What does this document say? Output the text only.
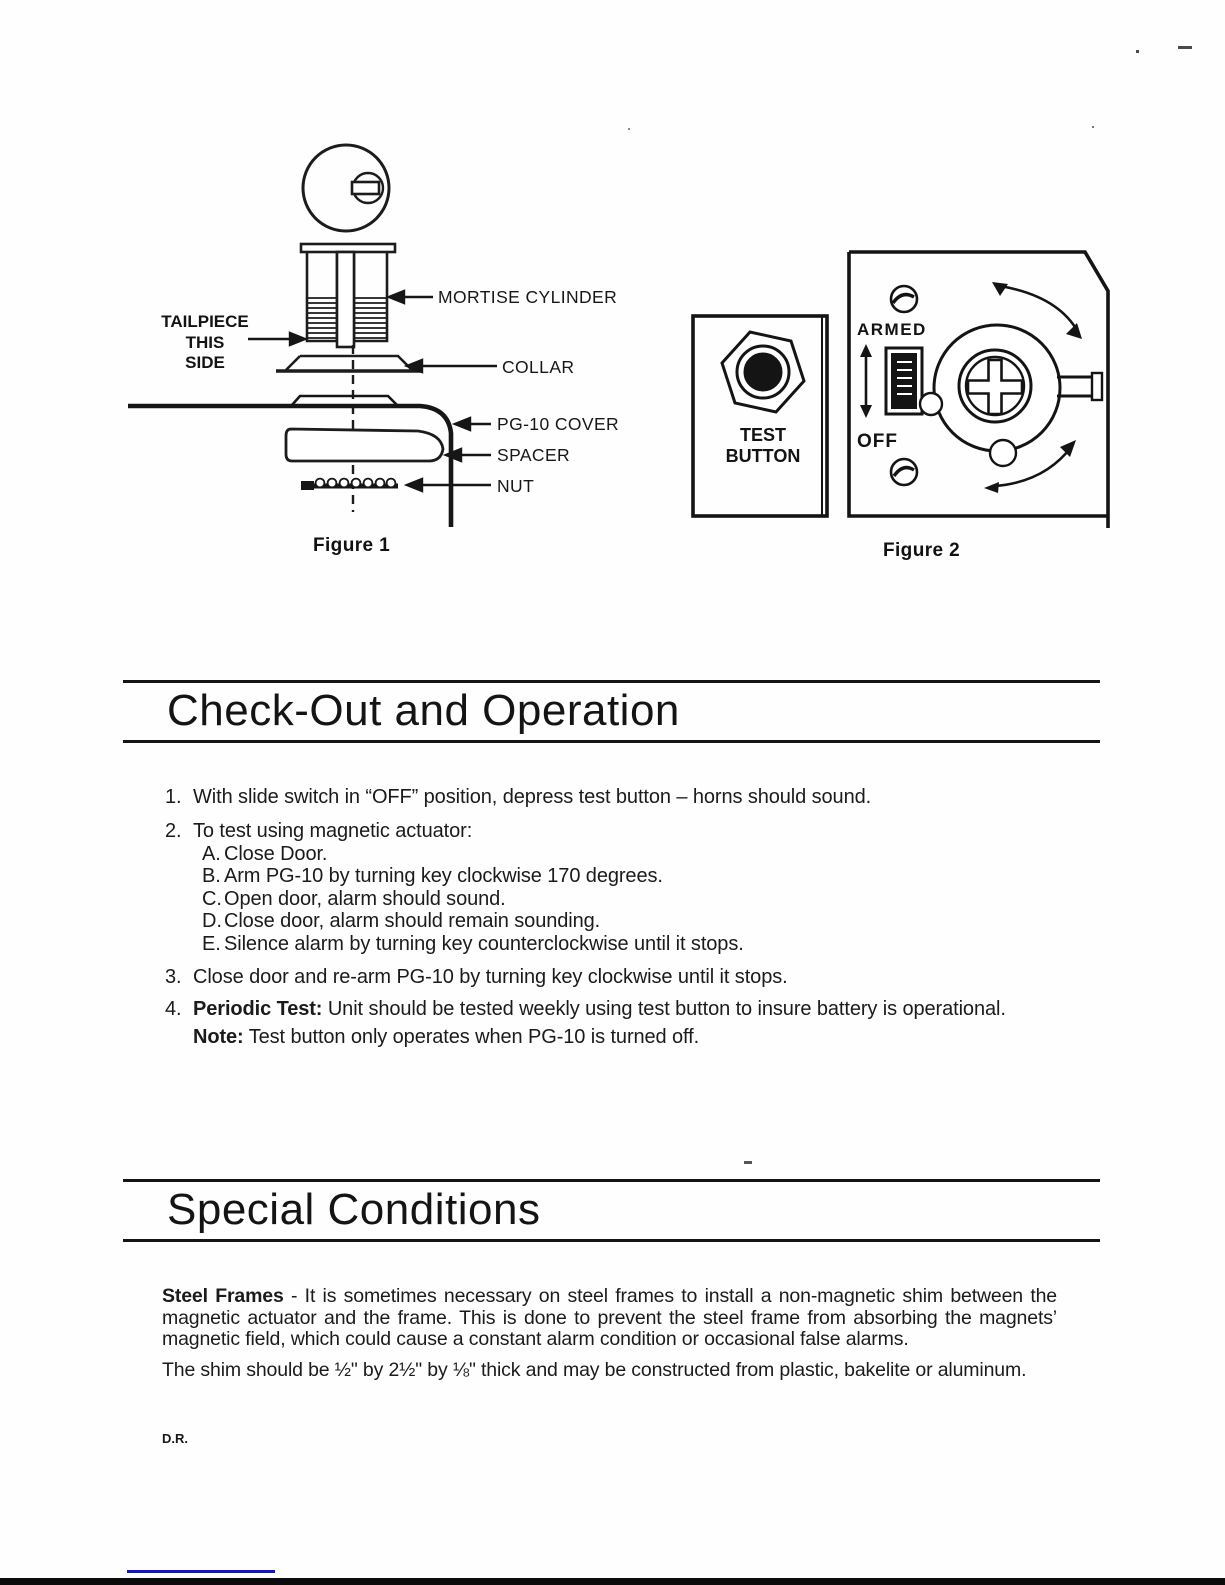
TAILPIECE
THIS
SIDE
MORTISE CYLINDER
COLLAR
PG-10 COVER
SPACER
NUT
Figure 1
ARMED
OFF
TEST
BUTTON
Figure 2
Check-Out and Operation
1. With slide switch in “OFF” position, depress test button – horns should sound.
2. To test using magnetic actuator:
A. Close Door.
B. Arm PG-10 by turning key clockwise 170 degrees.
C. Open door, alarm should sound.
D. Close door, alarm should remain sounding.
E. Silence alarm by turning key counterclockwise until it stops.
3. Close door and re-arm PG-10 by turning key clockwise until it stops.
4. Periodic Test: Unit should be tested weekly using test button to insure battery is operational.
Note: Test button only operates when PG-10 is turned off.
Special Conditions

Steel Frames - It is sometimes necessary on steel frames to install a non-magnetic shim between the magnetic actuator and the frame. This is done to prevent the steel frame from absorbing the magnets’ magnetic field, which could cause a constant alarm condition or occasional false alarms.

The shim should be ½" by 2½" by ⅛" thick and may be constructed from plastic, bakelite or aluminum.

D.R.
